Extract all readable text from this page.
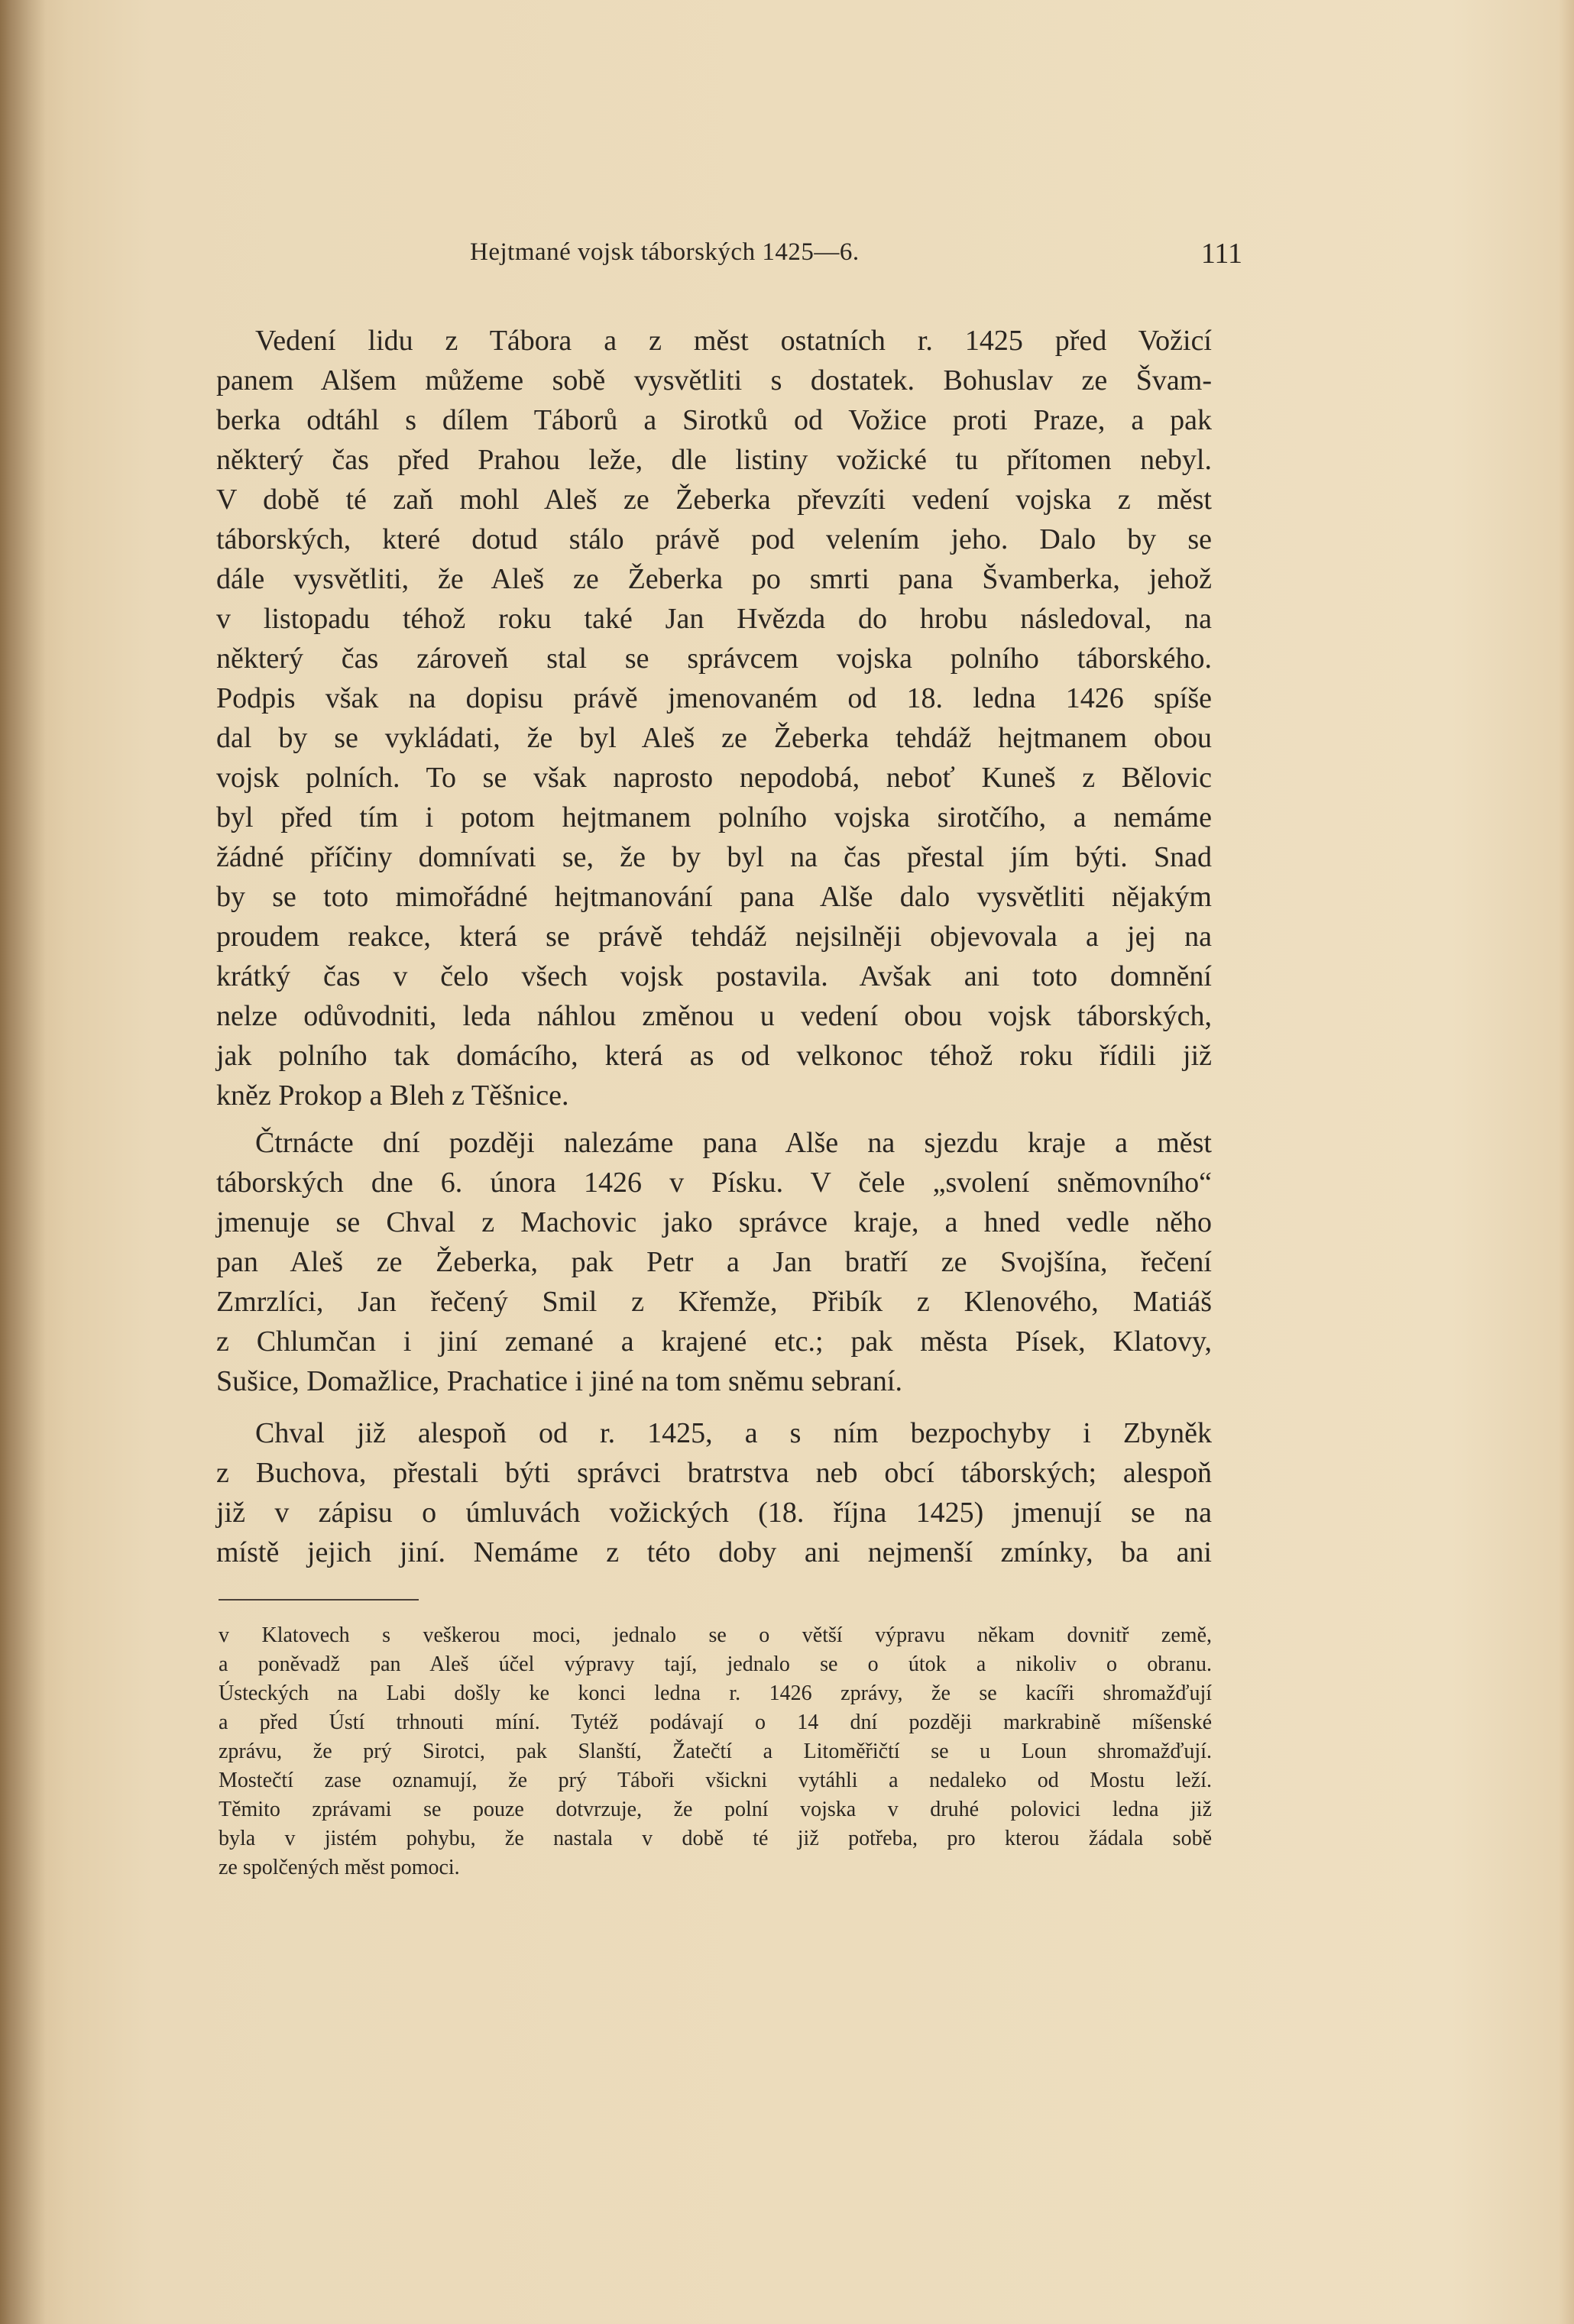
Hejtmané vojsk táborských 1425—6.	111
Vedení lidu z Tábora a z měst ostatních r. 1425 před Vožicí
panem Alšem můžeme sobě vysvětliti s dostatek. Bohuslav ze Švam-
berka odtáhl s dílem Táborů a Sirotků od Vožice proti Praze, a pak
některý čas před Prahou leže, dle listiny vožické tu přítomen nebyl.
V době té zaň mohl Aleš ze Žeberka převzíti vedení vojska z měst
táborských, které dotud stálo právě pod velením jeho. Dalo by se
dále vysvětliti, že Aleš ze Žeberka po smrti pana Švamberka, jehož
v listopadu téhož roku také Jan Hvězda do hrobu následoval, na
některý čas zároveň stal se správcem vojska polního táborského.
Podpis však na dopisu právě jmenovaném od 18. ledna 1426 spíše
dal by se vykládati, že byl Aleš ze Žeberka tehdáž hejtmanem obou
vojsk polních. To se však naprosto nepodobá, neboť Kuneš z Bělovic
byl před tím i potom hejtmanem polního vojska sirotčího, a nemáme
žádné příčiny domnívati se, že by byl na čas přestal jím býti. Snad
by se toto mimořádné hejtmanování pana Alše dalo vysvětliti nějakým
proudem reakce, která se právě tehdáž nejsilněji objevovala a jej na
krátký čas v čelo všech vojsk postavila. Avšak ani toto domnění
nelze odůvodniti, leda náhlou změnou u vedení obou vojsk táborských,
jak polního tak domácího, která as od velkonoc téhož roku řídili již
kněz Prokop a Bleh z Těšnice.
Čtrnácte dní později nalezáme pana Alše na sjezdu kraje a měst
táborských dne 6. února 1426 v Písku. V čele „svolení sněmovního“
jmenuje se Chval z Machovic jako správce kraje, a hned vedle něho
pan Aleš ze Žeberka, pak Petr a Jan bratří ze Svojšína, řečení
Zmrzlíci, Jan řečený Smil z Křemže, Přibík z Klenového, Matiáš
z Chlumčan i jiní zemané a krajené etc.; pak města Písek, Klatovy,
Sušice, Domažlice, Prachatice i jiné na tom sněmu sebraní.
Chval již alespoň od r. 1425, a s ním bezpochyby i Zbyněk
z Buchova, přestali býti správci bratrstva neb obcí táborských; alespoň
již v zápisu o úmluvách vožických (18. října 1425) jmenují se na
místě jejich jiní. Nemáme z této doby ani nejmenší zmínky, ba ani
v Klatovech s veškerou moci, jednalo se o větší výpravu někam dovnitř země,
a poněvadž pan Aleš účel výpravy tají, jednalo se o útok a nikoliv o obranu.
Ústeckých na Labi došly ke konci ledna r. 1426 zprávy, že se kacíři shromažďují
a před Ústí trhnouti míní. Tytéž podávají o 14 dní později markrabině míšenské
zprávu, že prý Sirotci, pak Slanští, Žatečtí a Litoměřičtí se u Loun shromažďují.
Mostečtí zase oznamují, že prý Táboři všickni vytáhli a nedaleko od Mostu leží.
Těmito zprávami se pouze dotvrzuje, že polní vojska v druhé polovici ledna již
byla v jistém pohybu, že nastala v době té již potřeba, pro kterou žádala sobě
ze spolčených měst pomoci.
